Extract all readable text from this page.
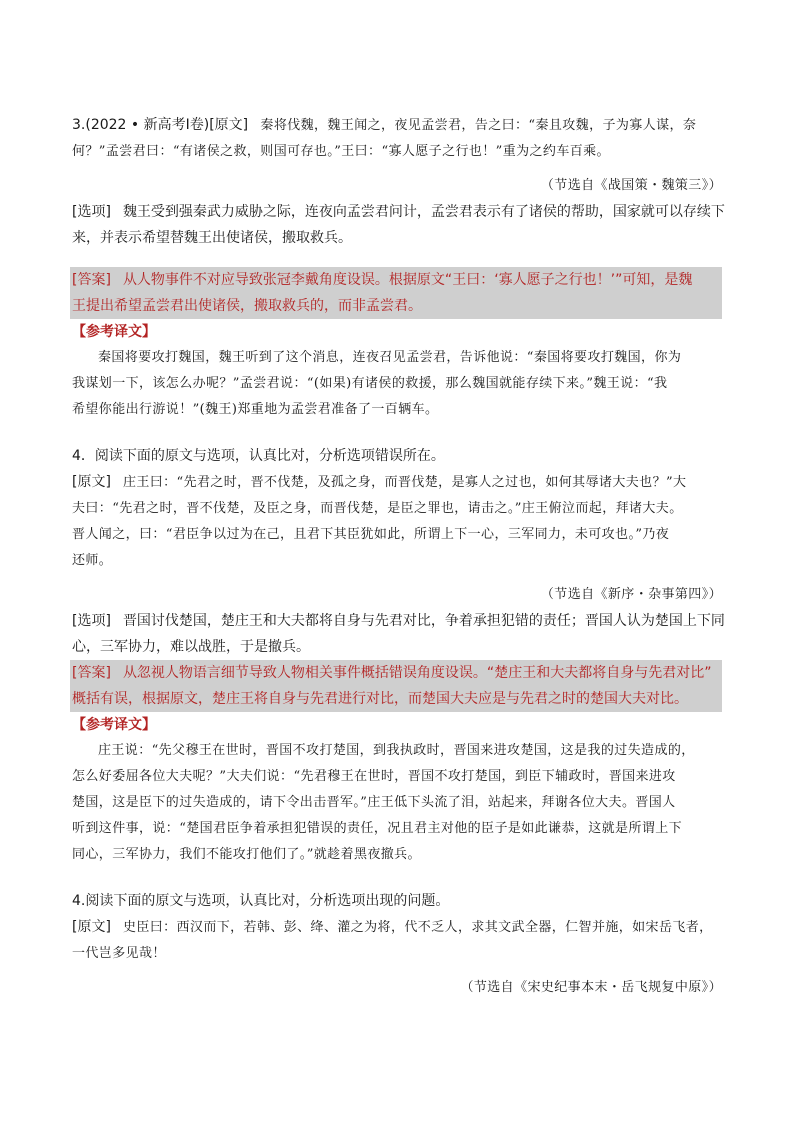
3.(2022 • 新高考Ⅰ卷)[原文] 秦将伐魏，魏王闻之，夜见孟尝君，告之曰：“秦且攻魏，子为寡人谋，奈
何？”孟尝君曰：“有诸侯之救，则国可存也。”王曰：“寡人愿子之行也！”重为之约车百乘。
（节选自《战国策・魏策三》）
[选项] 魏王受到强秦武力威胁之际，连夜向孟尝君问计，孟尝君表示有了诸侯的帮助，国家就可以存续下
来，并表示希望替魏王出使诸侯，搬取救兵。
[答案] 从人物事件不对应导致张冠李戴角度设误。根据原文“王曰：‘寡人愿子之行也！’”可知，是魏
王提出希望孟尝君出使诸侯，搬取救兵的，而非孟尝君。
【参考译文】
秦国将要攻打魏国，魏王听到了这个消息，连夜召见孟尝君，告诉他说：“秦国将要攻打魏国，你为
我谋划一下，该怎么办呢？”孟尝君说：“(如果)有诸侯的救援，那么魏国就能存续下来。”魏王说：“我
希望你能出行游说！”(魏王)郑重地为孟尝君准备了一百辆车。
4．阅读下面的原文与选项，认真比对，分析选项错误所在。
[原文] 庄王曰：“先君之时，晋不伐楚，及孤之身，而晋伐楚，是寡人之过也，如何其辱诸大夫也？”大
夫曰：“先君之时，晋不伐楚，及臣之身，而晋伐楚，是臣之罪也，请击之。”庄王俯泣而起，拜诸大夫。
晋人闻之，曰：“君臣争以过为在己，且君下其臣犹如此，所谓上下一心，三军同力，未可攻也。”乃夜
还师。
（节选自《新序・杂事第四》）
[选项] 晋国讨伐楚国，楚庄王和大夫都将自身与先君对比，争着承担犯错的责任；晋国人认为楚国上下同
心，三军协力，难以战胜，于是撤兵。
[答案] 从忽视人物语言细节导致人物相关事件概括错误角度设误。“楚庄王和大夫都将自身与先君对比”
概括有误，根据原文，楚庄王将自身与先君进行对比，而楚国大夫应是与先君之时的楚国大夫对比。
【参考译文】
庄王说：“先父穆王在世时，晋国不攻打楚国，到我执政时，晋国来进攻楚国，这是我的过失造成的，
怎么好委屈各位大夫呢？”大夫们说：“先君穆王在世时，晋国不攻打楚国，到臣下辅政时，晋国来进攻
楚国，这是臣下的过失造成的，请下令出击晋军。”庄王低下头流了泪，站起来，拜谢各位大夫。晋国人
听到这件事，说：“楚国君臣争着承担犯错误的责任，况且君主对他的臣子是如此谦恭，这就是所谓上下
同心，三军协力，我们不能攻打他们了。”就趁着黑夜撤兵。
4.阅读下面的原文与选项，认真比对，分析选项出现的问题。
[原文] 史臣曰：西汉而下，若韩、彭、绛、灌之为将，代不乏人，求其文武全器，仁智并施，如宋岳飞者，
一代岂多见哉！
（节选自《宋史纪事本末・岳飞规复中原》）
